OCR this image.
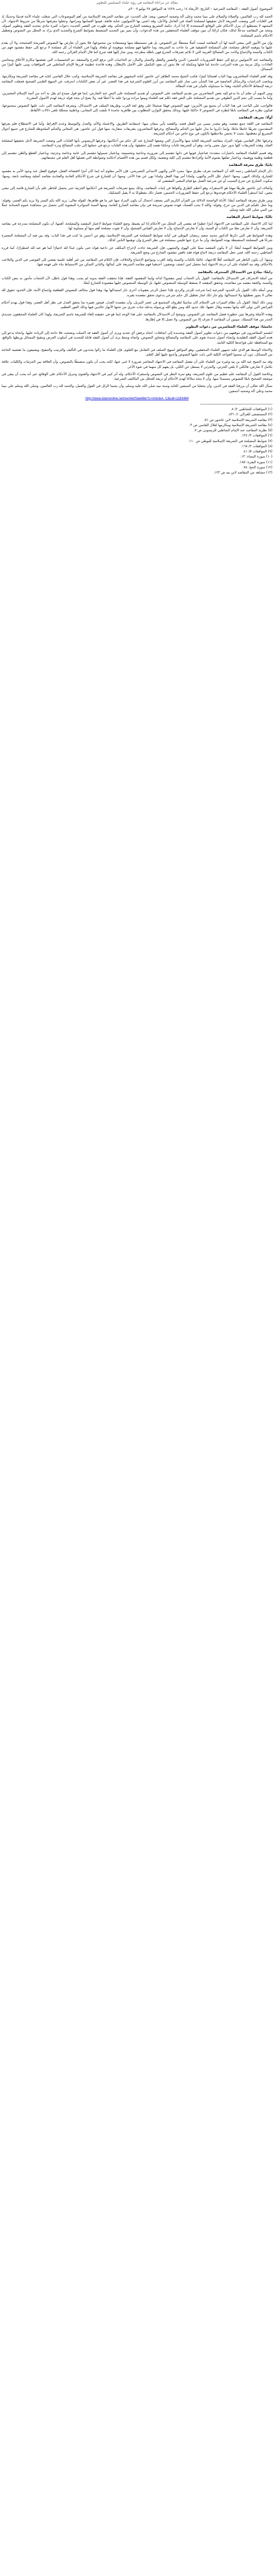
مقالة عن مراعاة المقاصد في رؤية علماء المسلمين للتطوير
الموضوع: أصول الفقه – المقاصد الشرعية – التاريخ: الأربعاء ١٤ رجب ١٤٢٨ هـ الموافق ٢٨ يوليو ٢٠٠٧م
الحمد لله رب العالمين، والصلاة والسلام على نبينا محمد وعلى آله وصحبه أجمعين، وبعد: فإن الحديث عن مقاصد الشريعة الإسلامية من أهم الموضوعات التي شغلت علماء الأمة قديمًا وحديثًا، إذ هي الغايات التي وضعت الشريعة لأجل تحقيقها لمصلحة العباد في العاجل والآجل، وقد اعتنى بها الأصوليون عناية فائقة، فبينوا أقسامها ومراتبها، وجعلوا معرفتها شرطًا من شروط الاجتهاد، لأن المجتهد لا يستطيع أن ينزل الأحكام على الوقائع المستجدة إلا إذا أدرك حكمة التشريع ومقصد الشارع من الحكم. وقد ظهرت في العصر الحديث دعوات كثيرة تنادي بتجديد الفقه وتطوير أصوله، وتتخذ من المقاصد مدخلًا لذلك، فكان لزامًا أن نبين موقف العلماء المحققين من هذه الدعوات، وأن نميز بين التجديد المنضبط بضوابط الشرع والتجديد الذي يراد به التحلل من النصوص وتعطيل الأحكام باسم المصلحة.
وإن من الأمور التي ينبغي التنبه لها أن المقاصد ليست أصلًا مستقلًا عن النصوص، بل هي مستنبطة منها ومستفادة من مجموعها، فلا يجوز أن تعارض بها النصوص الصريحة الصحيحة، ولا أن يقدم عليها ما يتوهمه الناظر مصلحة، فإن المصلحة الحقيقية هي ما جاءت به الشريعة، وما خالفها فهو مصلحة موهومة أو ملغاة. ولهذا قرر العلماء أن كل مصلحة لا ترجع إلى حفظ مقصود فهم من الكتاب والسنة والإجماع وكانت من المصالح الغريبة التي لا تلائم تصرفات الشرع فهي باطلة مطرحة، ومن صار إليها فقد شرع كما قال الإمام الغزالي رحمه الله.
والمقاصد عند الأصوليين ترجع إلى حفظ الضروريات الخمس: الدين والنفس والعقل والنسل والمال، ثم الحاجيات التي ترفع الحرج والمشقة، ثم التحسينيات التي تقتضيها مكارم الأخلاق ومحاسن العادات، وكل مرتبة من هذه المراتب خادمة لما قبلها ومكملة له، فلا يجوز أن يعود التكميل على الأصل بالإبطال، وهذه قاعدة عظيمة قررها الإمام الشاطبي في الموافقات وبنى عليها كثيرًا من المسائل.
وقد اهتم العلماء المعاصرون بهذا الباب اهتمامًا كبيرًا، فكتب الشيخ محمد الطاهر ابن عاشور كتابه المشهور في مقاصد الشريعة الإسلامية، وكتب علال الفاسي كتابه في مقاصد الشريعة ومكارمها، وتتابعت الدراسات والرسائل الجامعية في هذا الشأن حتى صار علم المقاصد من أبرز العلوم الشرعية في هذا العصر، غير أن بعض الكتابات انحرفت عن المنهج العلمي الصحيح فجعلت المقاصد ذريعة لإسقاط الأحكام الثابتة، وهذا ما سنتناوله بالبيان في هذه المقالة.
ومن المهم أن نعلم أن ما يدعو إليه بعض المعاصرين من تقديم المقاصد على النصوص، أو تقديم المصلحة على النص عند التعارض، إنما هو قول مبتدع لم يقل به أحد من أئمة الإسلام المعتبرين، وأما ما ينسب إلى نجم الدين الطوفي من تقديم المصلحة على النص فقد تكلم فيه العلماء وبينوا مراده وردوا عليه ما أخطأ فيه، ولا يصح أن يتخذ قوله ذريعة لهدم الأصول المقررة.
فالواجب على الباحث في هذا الباب أن يجمع بين الأمرين: فهم النصوص فهمًا صحيحًا على وفق لغة العرب وطريقة السلف في الاستدلال، ومعرفة المقاصد التي دلت عليها النصوص بمجموعها، فيكون نظره في المقاصد تابعًا لنظره في النصوص لا حاكمًا عليها، وبذلك يتحقق التوازن المطلوب بين ظاهرية جامدة لا تلتفت إلى المعاني، وباطنية متحللة تلغي دلالات الألفاظ.
أولًا: تعريف المقاصد
المقاصد في اللغة جمع مقصد، وهو مصدر ميمي من الفعل قصد، والقصد يأتي بمعان منها: استقامة الطريق، والاعتماد والأم، والعدل والتوسط وعدم الإفراط. وأما في الاصطلاح فلم يعرفها المتقدمون تعريفًا جامعًا مانعًا، وإنما ذكروا ما يدل عليها من الحكم والمصالح، وعرفها المعاصرون بتعريفات متقاربة، منها قول ابن عاشور: هي المعاني والحكم الملحوظة للشارع في جميع أحوال التشريع أو معظمها، بحيث لا تختص ملاحظتها بالكون في نوع خاص من أحكام الشريعة.
وعرفها علال الفاسي بقوله: المراد بمقاصد الشريعة الغاية منها والأسرار التي وضعها الشارع عند كل حكم من أحكامها. وعرفها الريسوني بأنها الغايات التي وضعت الشريعة لأجل تحقيقها لمصلحة العباد. وهذه التعريفات كلها تدور حول معنى واحد، وهو أن للشريعة غايات وحكمًا تقصد إلى تحقيقها، وأن هذه الغايات ترجع في جملتها إلى جلب المصالح ودرء المفاسد.
وقد قسم العلماء المقاصد باعتبارات متعددة: فباعتبار قوتها في ذاتها تنقسم إلى ضرورية وحاجية وتحسينية، وباعتبار شمولها تنقسم إلى عامة وخاصة وجزئية، وباعتبار القطع والظن تنقسم إلى قطعية وظنية ووهمية، وباعتبار تعلقها بعموم الأمة وأفرادها تنقسم إلى كلية وبعضية، ولكل قسم من هذه الأقسام أحكامه وضوابطه التي فصلها أهل العلم في مصنفاتهم.
ثانيًا: طرق معرفة المقاصد
ذكر الإمام الشاطبي رحمه الله أن المقاصد تعرف بطرق منها: مجرد الأمر والنهي الابتدائي التصريحي، فإن الأمر معلوم أنه إنما كان أمرًا لاقتضائه الفعل، فوقوع الفعل عند وجود الأمر به مقصود للشارع، وكذلك النهي. ومنها: اعتبار علل الأمر والنهي، ولماذا أمر بهذا الفعل ولماذا نهي عن هذا الآخر. ومنها: أن للشارع في شرع الأحكام العادية والعبادية مقاصد أصلية ومقاصد تابعة. ومنها: سكوت الشارع عن شرع التسبب أو عن شرعية العمل مع قيام المعنى المقتضي له.
وأضاف ابن عاشور طريقًا مهمًا هو الاستقراء، وهو أعظم الطرق وأقواها في إثبات المقاصد، وذلك بتتبع تصرفات الشريعة في أحكامها الجزئية حتى يحصل للناظر علم بأن الشارع قاصد إلى معنى معين، كما استقرأ العلماء الأحكام فوجدوها ترجع إلى حفظ الضروريات الخمس، فصار ذلك مقطوعًا به لا يقبل التشكيك.
ومن طرق معرفة المقاصد أيضًا: الأدلة الواضحة الدلالة من القرآن الكريم التي يضعف احتمال أن يكون المراد منها غير ما هو ظاهرها، كقوله تعالى: يريد الله بكم اليسر ولا يريد بكم العسر، وقوله: وما جعل عليكم في الدين من حرج، وقوله: والله لا يحب الفساد، فهذه نصوص صريحة في بيان مقاصد الشارع العامة. ومنها السنة المتواترة المعنوية التي تحصل من مشاهدة عموم الصحابة عملًا من النبي صلى الله عليه وسلم.
ثالثًا: ضوابط اعتبار المقاصد
لما كان الاعتماد على المقاصد في الاجتهاد أمرًا خطيرًا قد يفضي إلى التحلل من الأحكام إذا لم يضبط، وضع العلماء ضوابط لاعتبار المقصد والمصلحة، أهمها: أن تكون المصلحة مندرجة في مقاصد الشريعة، وأن لا تعارض نصًا من الكتاب أو السنة، وأن لا تعارض الإجماع، وأن لا تعارض القياس الصحيح، وأن لا تفوت مصلحة أهم منها أو مساوية لها.
وهذه الضوابط هي التي ذكرها الدكتور محمد سعيد رمضان البوطي في كتابه ضوابط المصلحة في الشريعة الإسلامية، وهو من أحسن ما كتب في هذا الباب، وقد بين فيه أن المصلحة المعتبرة شرعًا هي المصلحة المنضبطة بهذه الضوابط، وأن ما خرج عنها فليس بمصلحة في نظر الشرع وإن توهمها الناس كذلك.
ومن الضوابط المهمة أيضًا: أن لا يكون المقصد مبنيًا على الهوى والتشهي، فإن الشريعة جاءت لإخراج المكلف عن داعية هواه حتى يكون عبدًا لله اختيارًا كما هو عبد لله اضطرارًا، كما قرره الشاطبي رحمه الله، فمن جعل المقاصد ذريعة لاتباع هواه فقد ناقض مقصود الشارع من وضع الشريعة.
ومنها: أن يكون الناظر في المقاصد أهلًا للاجتهاد، عالمًا بالكتاب والسنة ولغة العرب ومواضع الإجماع والخلاف، فإن الكلام في المقاصد من غير أهلية علمية يفضي إلى الفوضى في الدين والتلاعب بالأحكام، وقد نبه العلماء على أن درجة الاجتهاد إنما تحصل لمن اتصف بوصفين: أحدهما فهم مقاصد الشريعة على كمالها، والثاني التمكن من الاستنباط بناء على فهمه فيها.
رابعًا: نماذج من الاستدلال المنحرف بالمقاصد
من أمثلة الانحراف في الاستدلال بالمقاصد: القول بأن الحجاب ليس مقصودًا لذاته وإنما المقصود العفة، فإذا تحققت العفة بدونه لم يجب، وهذا قول باطل، لأن الحجاب مأمور به بنص الكتاب والسنة، والعفة مقصد من مقاصده، وتحقق المقصد لا يسقط الوسيلة المنصوص عليها، بل الوسيلة المنصوص عليها مقصودة للشارع أيضًا.
ومن أمثلة ذلك: القول بأن الحدود الشرعية إنما شرعت للزجر والردع، فإذا حصل الزجر بعقوبات أخرى جاز استبدالها بها، وهذا قول مخالف للنصوص القطعية وإجماع الأمة، فإن الحدود حقوق لله تعالى لا يجوز تعطيلها ولا استبدالها، ولو جاز ذلك لجاز تعطيل كل حكم شرعي بدعوى تحقق مقصده بغيره.
ومن ذلك أيضًا: القول بأن نظام الميراث في الإسلام كان مناسبًا لظروف المجتمع في عصر التنزيل، وأن مقصده العدل، فيجوز تغييره بما يحقق العدل في نظر أهل العصر، وهذا قول يهدم أحكام الفرائض التي تولى الله بيانها بنفسه وقال عقبها: تلك حدود الله ومن يطع الله ورسوله يدخله جنات تجري من تحتها الأنهار خالدين فيها وذلك الفوز العظيم.
وهذه الأمثلة وغيرها تبين خطورة فصل المقاصد عن النصوص، وتوضح أن الاستدلال بالمقاصد على هذا الوجه إنما هو في حقيقته إلغاء للشريعة باسم الشريعة، ولهذا كان العلماء المحققون شديدي الحذر من هذا المسلك، مبينين أن المقاصد لا تعرف إلا من النصوص، ولا تعمل إلا في إطارها.
خامسًا: موقف العلماء المعاصرين من دعوات التطوير
انقسم المعاصرون في موقفهم من دعوات تطوير أصول الفقه وتجديده إلى اتجاهات: اتجاه يرفض أي تجديد ويرى أن أصول الفقه قد اكتملت ونضجت فلا حاجة إلى الزيادة عليها، واتجاه يدعو إلى هدم أصول الفقه التقليدية وإنشاء أصول جديدة تقوم على المقاصد والمصالح وتتجاوز النصوص، واتجاه وسط يرى أن أصول الفقه قابلة للتجديد في أسلوب العرض وتنقيح المسائل وربطها بالواقع، مع المحافظة على قواعدها الكلية الثابتة.
والاتجاه الوسط هو الذي عليه جمهور العلماء المحققين، وهو الموافق لمنهج السلف في التعامل مع العلوم، فإن العلماء ما زالوا يجددون في التأليف والترتيب والتنقيح، ويضيفون ما تقتضيه الحاجة من المسائل، دون أن يمسوا القواعد الكلية التي دلت عليها النصوص وأجمع عليها أهل العلم.
وقد نبه الشيخ عبد الله بن بيه وغيره من العلماء على أن تفعيل المقاصد في الاجتهاد المعاصر ضرورة لا غنى عنها، لكنه يجب أن يكون منضبطًا بالنصوص، وأن العلاقة بين الجزئيات والكليات علاقة تكامل لا تعارض، فالكلي لا يلغي الجزئي، والجزئي لا يستقل عن الكلي، بل يفهم كل منهما في ضوء الآخر.
وخلاصة القول أن المقاصد علم عظيم من علوم الشريعة، وهو ثمرة النظر في النصوص واستقراء الأحكام، وله أثر كبير في الاجتهاد والفتوى وتنزيل الأحكام على الوقائع، غير أنه يجب أن يبقى في موضعه الصحيح تابعًا للنصوص مستمدًا منها، وأن لا يتخذ سلاحًا لهدم الأحكام أو ذريعة للتحلل من التكاليف الشرعية.
نسأل الله تعالى أن يرزقنا الفقه في الدين، وأن يجعلنا من المتبعين لكتابه وسنة نبيه صلى الله عليه وسلم، وأن يجنبنا الزلل في القول والعمل، والحمد لله رب العالمين، وصلى الله وسلم على نبينا محمد وعلى آله وصحبه أجمعين.
http://www.islamonline.net/servlet/Satellite?c=ArticleA_C&cid=1183484
(١) الموافقات للشاطبي ٢/ ٨.
(٢) المستصفى للغزالي ١/ ٤٣١.
(٣) مقاصد الشريعة الإسلامية لابن عاشور ص ٥١.
(٤) مقاصد الشريعة الإسلامية ومكارمها لعلال الفاسي ص ٣.
(٥) نظرية المقاصد عند الإمام الشاطبي للريسوني ص ٧.
(٦) الموافقات ٣/ ١٣٤.
(٧) ضوابط المصلحة في الشريعة الإسلامية للبوطي ص ١١٠.
(٨) الموافقات ٢/ ١٦٨.
(٩) الموافقات ٥/ ٤١.
(١٠) سورة النساء: ١٣.
(١١) سورة البقرة: ١٨٥.
(١٢) سورة الحج: ٧٨.
(١٣) مشاهد من المقاصد لابن بيه ص ١٢٣.
